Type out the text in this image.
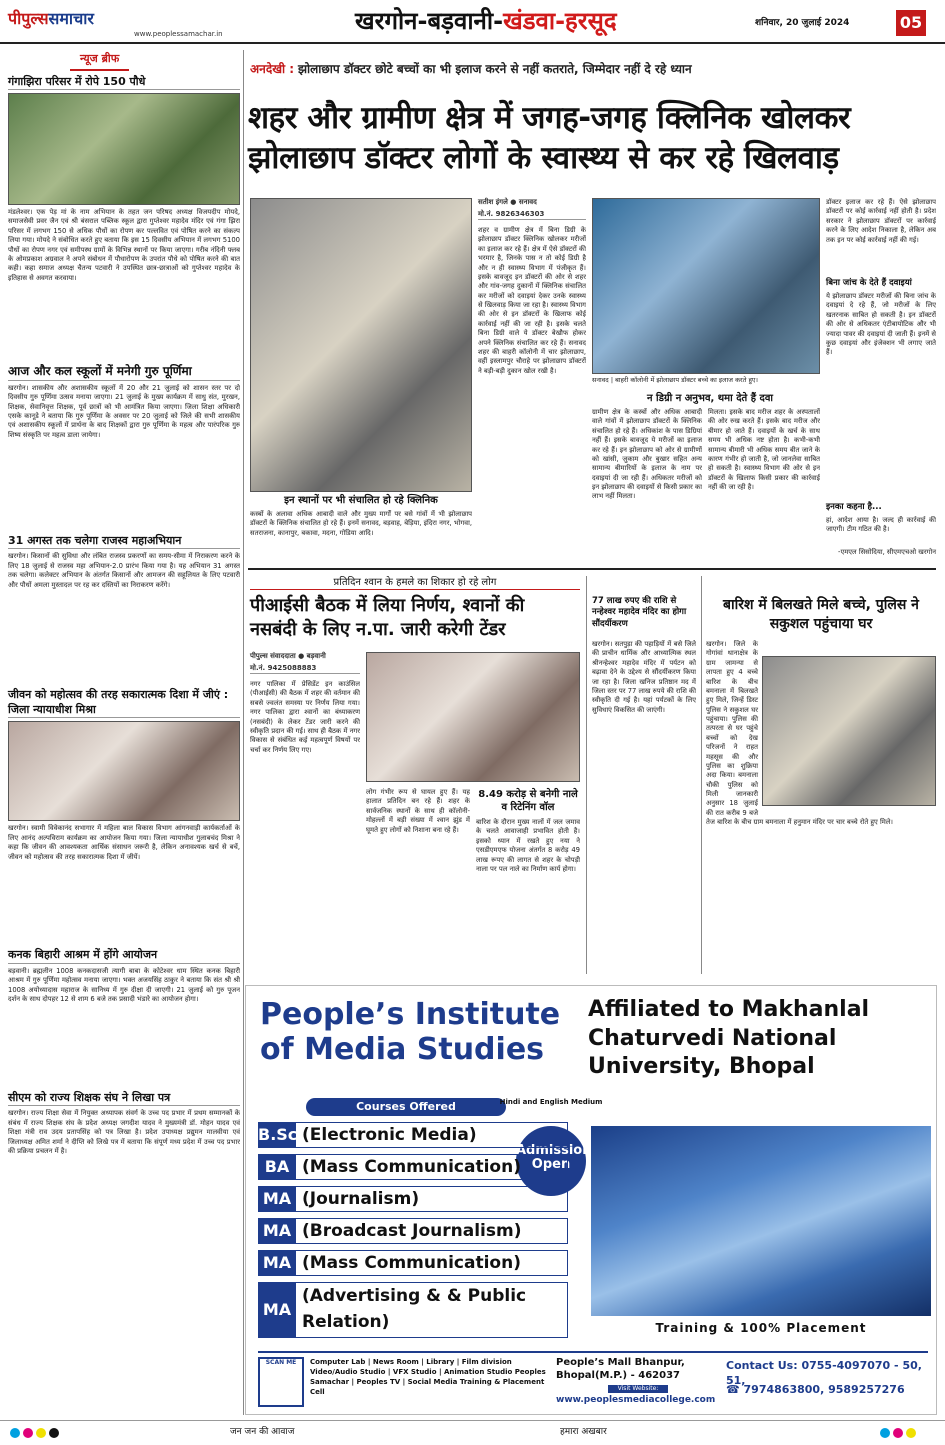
पीपुल्ससमाचार
www.peoplessamachar.in	खरगोन-बड़वानी-खंडवा-हरसूद	शनिवार, 20 जुलाई 2024	05
न्यूज ब्रीफ
गंगाझिरा परिसर में रोपे 150 पौधे
मंडलेश्वर। एक पेड़ मां के नाम अभियान के तहत जन परिषद अध्यक्ष विजयदीप मोयदे, समाजसेवी प्रवर जैन एवं श्री बंसराल पब्लिक स्कूल द्वारा गुप्तेश्वर महादेव मंदिर एवं गंगा झिरा परिसर में लगभग 150 से अधिक पौधों का रोपण कर पल्लवित एवं पोषित करने का संकल्प लिया गया। मोयदे ने संबोधित करते हुए बताया कि इस 15 दिवसीय अभियान में लगभग 5100 पौधों का रोपण नगर एवं समीपस्थ ग्रामों के विभिन्न स्थानों पर किया जाएगा। गरीब नंदिनी फ्लब के ओमप्रकाश अग्रवाल ने अपने संबोधन में पौधारोपण के उपरांत पौधे को पोषित करने की बात कही। कहा समाज अध्यक्ष चैतन्य पटवारी ने उपस्थित छात्र-छात्राओं को गुप्तेश्वर महादेव के इतिहास से अवगत करवाया।
आज और कल स्कूलों में मनेगी गुरु पूर्णिमा
खरगोन। शासकीय और अशासकीय स्कूलों में 20 और 21 जुलाई को शासन स्तर पर दो दिवसीय गुरु पूर्णिमा उत्सव मनाया जाएगा। 21 जुलाई के मुख्य कार्यक्रम में साधु संत, मुरखन, शिक्षक, सेवानिवृत्त शिक्षक, पूर्व छात्रों को भी आमंत्रित किया जाएगा। जिला शिक्षा अधिकारी एसके कानूडे ने बताया कि गुरु पूर्णिमा के अवसर पर 20 जुलाई को जिले की सभी शासकीय एवं अशासकीय स्कूलों में प्रार्थना के बाद शिक्षकों द्वारा गुरु पूर्णिमा के महत्व और पारंपरिक गुरु शिष्य संस्कृति पर महत्व डाला जायेगा।
31 अगस्त तक चलेगा राजस्व महाअभियान
खरगोन। किसानों की सुविधा और लंबित राजस्व प्रकरणों का समय-सीमा में निराकरण करने के लिए 18 जुलाई से राजस्व महा अभियान-2.0 प्रारंभ किया गया है। यह अभियान 31 अगस्त तक चलेगा। कलेक्टर अभियान के अंतर्गत किसानों और आमजन की सहूलियत के लिए पटवारी और पौधों अमला मुस्तादल पर रह कर दस्तियों का निराकरण करेंगे।
जीवन को महोत्सव की तरह सकारात्मक दिशा में जीएं : जिला न्यायाधीश मिश्रा
खरगोन। स्वामी विवेकानंद सभागार में महिला बाल विकास विभाग आंगनवाड़ी कार्यकर्ताओं के लिए आनंद अल्पविराम कार्यक्रम का आयोजन किया गया। जिला न्यायाधीश गुलाबचंद मिश्रा ने कहा कि जीवन की आवश्यकता आर्थिक संसाधन जरूरी है, लेकिन अनावश्यक खर्च से बचें, जीवन को महोत्सव की तरह सकारात्मक दिशा में जीयें।
कनक बिहारी आश्रम में होंगे आयोजन
बड़वानी। ब्रह्मलीन 1008 कनकदासजी त्यागी बाबा के कोटेश्वर धाम स्थित कनक बिहारी आश्रम में गुरु पूर्णिमा महोत्सव मनाया जाएगा। भक्त अजयसिंह ठाकुर ने बताया कि संत श्री श्री 1008 अयोध्यादास महाराज के सानिध्य में गुरु दीक्षा दी जाएगी। 21 जुलाई को गुरु पूजन दर्शन के साथ दोपहर 12 से शाम 6 बजे तक प्रसादी भंडारे का आयोजन होगा।
सीएम को राज्य शिक्षक संघ ने लिखा पत्र
खरगोन। राज्य शिक्षा सेवा में नियुक्त अध्यापक संवर्ग के उच्च पद प्रभार में प्रथम सम्मानकों के संबंध में राज्य शिक्षक संघ के प्रदेश अध्यक्ष जगदीश यादव ने मुख्यमंत्री डॉ. मोहन यादव एवं शिक्षा मंत्री राव उदय प्रतापसिंह को पत्र लिखा है। प्रदेश उपाध्यक्ष प्रद्युमन मालवीया एवं जिलाध्यक्ष अमित शर्मा ने दीप्ति को लिखे पत्र में बताया कि संपूर्ण मध्य प्रदेश में उच्च पद प्रभार की प्रक्रिया प्रचलन में है।
अनदेखी : झोलाछाप डॉक्टर छोटे बच्चों का भी इलाज करने से नहीं कतराते, जिम्मेदार नहीं दे रहे ध्यान
शहर और ग्रामीण क्षेत्र में जगह-जगह क्लिनिक खोलकर
झोलाछाप डॉक्टर लोगों के स्वास्थ्य से कर रहे खिलवाड़
इन स्थानों पर भी संचालित हो रहे क्लिनिक
कस्बों के अलावा अधिक आबादी वाले और मुख्य मार्गों पर बसे गांवों में भी झोलाछाप डॉक्टरों के क्लिनिक संचालित हो रहे हैं। इनमें सनावद, बड़वाह, बेड़िया, इंदिरा नगर, भोगवा, सतराजना, कानापुर, बकावा, मदना, गोडिया आदि।
सतीश इंगले ● सनावद
मो.नं. 9826346303
शहर व ग्रामीण क्षेत्र में बिना डिग्री के झोलाछाप डॉक्टर क्लिनिक खोलकर मरीजों का इलाज कर रहे हैं। क्षेत्र में ऐसे डॉक्टरों की भरमार है, जिनके पास न तो कोई डिग्री है और न ही स्वास्थ्य विभाग में पंजीकृत हैं। इसके बावजूद इन डॉक्टरों की ओर से शहर और गांव-जगह दुकानों में क्लिनिक संचालित कर मरीजों को दवाइयां देकर उनके स्वास्थ्य से खिलवाड़ किया जा रहा है। स्वास्थ्य विभाग की ओर से इन डॉक्टरों के खिलाफ कोई कार्रवाई नहीं की जा रही है। इसके चलते बिना डिग्री वाले ये डॉक्टर बेखौफ होकर अपने क्लिनिक संचालित कर रहे हैं। सनावद शहर की बाहरी कॉलोनी में चार झोलाछाप, वहीं इस्लामपुर चौराहे पर झोलाछाप डॉक्टरों ने बड़ी-बड़ी दुकान खोल रखी है।
सनावद | बाहरी कॉलोनी में झोलाछाप डॉक्टर बच्चे का इलाज करते हुए।
न डिग्री न अनुभव, थमा देते हैं दवा
ग्रामीण क्षेत्र के कस्बों और अधिक आबादी वाले गांवों में झोलाछाप डॉक्टरों के क्लिनिक संचालित हो रहे हैं। अधिकांश के पास डिग्रियां नहीं हैं। इसके बावजूद ये मरीजों का इलाज कर रहे हैं। इन झोलाछाप को ओर से ग्रामीणों को खांसी, जुकाम और बुखार सहित अन्य सामान्य बीमारियों के इलाज के नाम पर दवाइयां दी जा रही हैं। अधिकतर मरीजों को इन झोलाछाप की दवाइयों से किसी प्रकार का लाभ नहीं मिलता।
मिलता। इसके बाद मरीज शहर के अस्पतालों की ओर रुख करते हैं। इसके बाद मरीज और बीमार हो जाते हैं। दवाइयों के खर्च के साथ समय भी अधिक नष्ट होता है। कभी-कभी सामान्य बीमारी भी अधिक समय बीत जाने के कारण गंभीर हो जाती है, जो जानलेवा साबित हो सकती है। स्वास्थ्य विभाग की ओर से इन डॉक्टरों के खिलाफ किसी प्रकार की कार्रवाई नहीं की जा रही है।
डॉक्टर इलाज कर रहे हैं। ऐसे झोलाछाप डॉक्टरों पर कोई कार्रवाई नहीं होती है। प्रदेश सरकार ने झोलाछाप डॉक्टरों पर कार्रवाई करने के लिए आदेश निकाला है, लेकिन अब तक इन पर कोई कार्रवाई नहीं की गई।
बिना जांच के देते हैं दवाइयां
ये झोलाछाप डॉक्टर मरीजों की बिना जांच के दवाइयां दे रहे हैं, जो मरीजों के लिए खतरनाक साबित हो सकती है। इन डॉक्टरों की ओर से अधिकतर एंटीबायोटिक और भी ज्यादा पावर की दवाइयां दी जाती हैं। इनमें से कुछ दवाइयां और इंजेक्शन भी लगाए जाते हैं।
इनका कहना है...
हां, आदेश आया है। जल्द ही कार्रवाई की जाएगी। टीम गठित की है।
-एमएल सिसोदिया, सीएमएचओ खरगोन
प्रतिदिन श्वान के हमले का शिकार हो रहे लोग
पीआईसी बैठक में लिया निर्णय, श्वानों की
नसबंदी के लिए न.पा. जारी करेगी टेंडर
पीपुल्स संवाददाता ● बड़वानी
मो.नं. 9425088883
नगर पालिका में प्रेसिडेंट इन काउंसिल (पीआईसी) की बैठक में शहर की वर्तमान की सबसे ज्वलंत समस्या पर निर्णय लिया गया। नगर पालिका द्वारा श्वानों का बंध्याकरण (नसबंदी) के लेकर टेंडर जारी करने की स्वीकृति प्रदान की गई। साथ ही बैठक में नगर विकास से संबंधित कई महत्वपूर्ण विषयों पर चर्चा कर निर्णय लिए गए।
लोग गंभीर रूप से घायल हुए हैं। यह हालात प्रतिदिन बन रहे हैं। शहर के सार्वजनिक स्थानों के साथ ही कॉलोनी-मोहल्लों में बड़ी संख्या में श्वान झुंड में घूमते हुए लोगों को निशाना बना रहे हैं।
8.49 करोड़ से बनेगी नाले व रिटेनिंग वॉल
बारिश के दौरान मुख्य नालों में जल जमाव के चलते आवाजाही प्रभावित होती है। इसको ध्यान में रखते हुए नया ने एसडीएमएफ योजना अंतर्गत 8 करोड़ 49 लाख रूपए की लागत से शहर के चोपड़ी नाला पर पल नाले का निर्माण कार्य होगा।
77 लाख रुपए की राशि से नन्हेश्वर महादेव मंदिर का होगा सौंदर्यीकरण
खरगोन। सतपुड़ा की पहाड़ियों में बसे जिले की प्राचीन धार्मिक और आध्यात्मिक स्थल श्रीनन्हेश्वर महादेव मंदिर में पर्यटन को बढ़ावा देने के उद्देश्य से सौंदर्यीकरण किया जा रहा है। जिला खनिज प्रतिष्ठान मद में जिला स्तर पर 77 लाख रुपये की राशि की स्वीकृति दी गई है। यहां पर्यटकों के लिए सुविधाएं विकसित की जाएंगी।
बारिश में बिलखते मिले बच्चे, पुलिस ने सकुशल पहुंचाया घर
खरगोन। जिले के गोगांवां थानाक्षेत्र के ग्राम जामन्या से लापता हुए 4 बच्चे बारिश के बीच बमनाला में बिलखते हुए मिले, जिन्हें डिस्ट पुलिस ने सकुशल घर पहुंचाया। पुलिस की तत्परता से घर पहुंचे बच्चों को देख परिजनों ने राहत महसूस की और पुलिस का शुक्रिया अदा किया। बमनाला चौकी पुलिस को मिली जानकारी अनुसार 18 जुलाई की रात करीब 9 बजे तेज बारिश के बीच ग्राम बमनाला में हनुमान मंदिर पर चार बच्चे रोते हुए मिले।
People’s Institute of Media Studies
Affiliated to Makhanlal Chaturvedi National University, Bhopal
Courses Offered	Hindi and English Medium
Admission Open
B.Sc.(Electronic Media)
BA (Mass Communication)
MA (Journalism)
MA (Broadcast Journalism)
MA (Mass Communication)
MA(Advertising & & Public Relation)	Training & 100% Placement
SCAN ME	Computer Lab | News Room | Library | Film division Video/Audio Studio | VFX Studio | Animation Studio Peoples Samachar | Peoples TV | Social Media Training & Placement Cell
People’s Mall Bhanpur, Bhopal(M.P.) - 462037
Visit Website:
www.peoplesmediacollege.com
Contact Us: 0755-4097070 - 50, 51,
☎ 7974863800, 9589257276
जन जन की आवाज	हमारा अखबार
